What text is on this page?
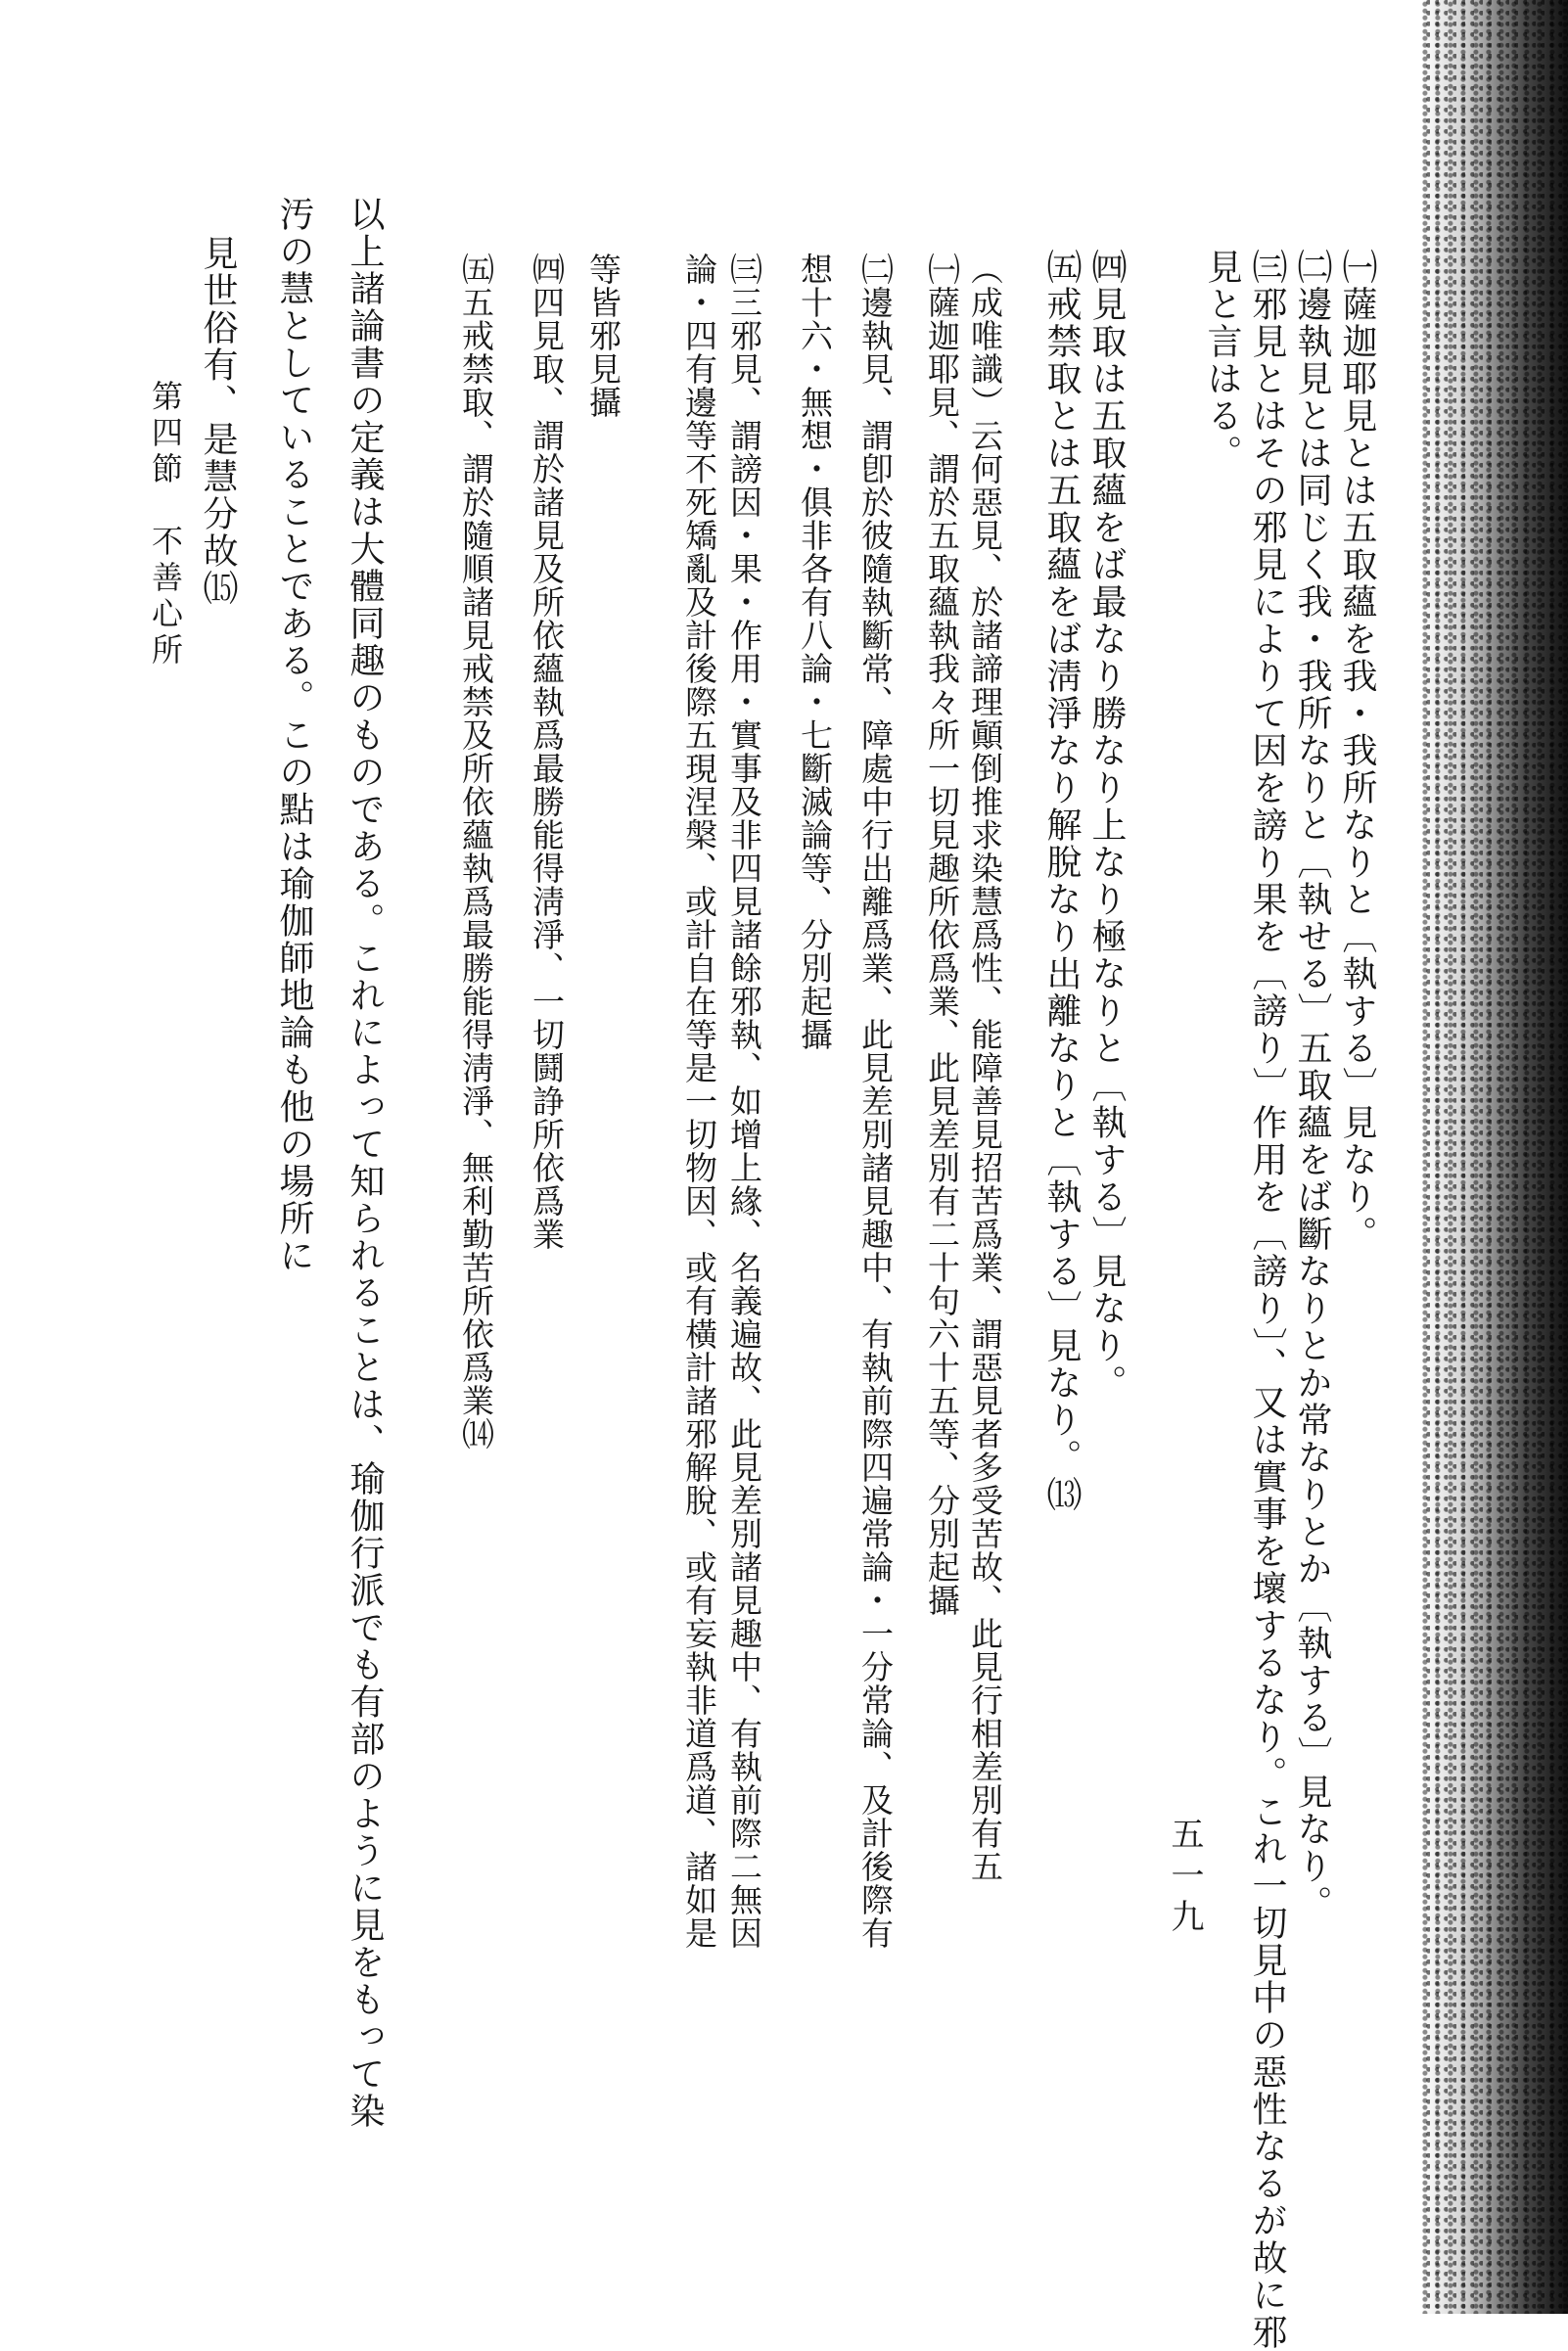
㈠薩迦耶見とは五取蘊を我・我所なりと〔執する〕見なり。

㈡邊執見とは同じく我・我所なりと〔執せる〕五取蘊をば斷なりとか常なりとか〔執する〕見なり。

㈢邪見とはその邪見によりて因を謗り果を〔謗り〕作用を〔謗り〕、又は實事を壞するなり。これ一切見中の惡性なるが故に邪

見と言はる。

㈣見取は五取蘊をば最なり勝なり上なり極なりと〔執する〕見なり。

㈤戒禁取とは五取蘊をば淸淨なり解脫なり出離なりと〔執する〕見なり。⒀

（成唯識）云何惡見、於諸諦理顚倒推求染慧爲性、能障善見招苦爲業、謂惡見者多受苦故、此見行相差別有五

㈠薩迦耶見、謂於五取蘊執我々所一切見趣所依爲業、此見差別有二十句六十五等、分別起攝

㈡邊執見、謂卽於彼隨執斷常、障處中行出離爲業、此見差別諸見趣中、有執前際四遍常論・一分常論、及計後際有

想十六・無想・俱非各有八論・七斷滅論等、分別起攝

論・四有邊等不死矯亂及計後際五現涅槃、或計自在等是一切物因、或有橫計諸邪解脫、或有妄執非道爲道、諸如是 ㈢三邪見、謂謗因・果・作用・實事及非四見諸餘邪執、如增上緣、名義遍故、此見差別諸見趣中、有執前際二無因

等皆邪見攝

㈣四見取、謂於諸見及所依蘊執爲最勝能得淸淨、一切鬪諍所依爲業

㈤五戒禁取、謂於隨順諸見戒禁及所依蘊執爲最勝能得淸淨、無利勤苦所依爲業⒁

以上諸論書の定義は大體同趣のものである。これによって知られることは、瑜伽行派でも有部のように見をもって染

汚の慧としていることである。この點は瑜伽師地論も他の場所に

見世俗有、是慧分故⒂

第四節　不善心所
五一九
